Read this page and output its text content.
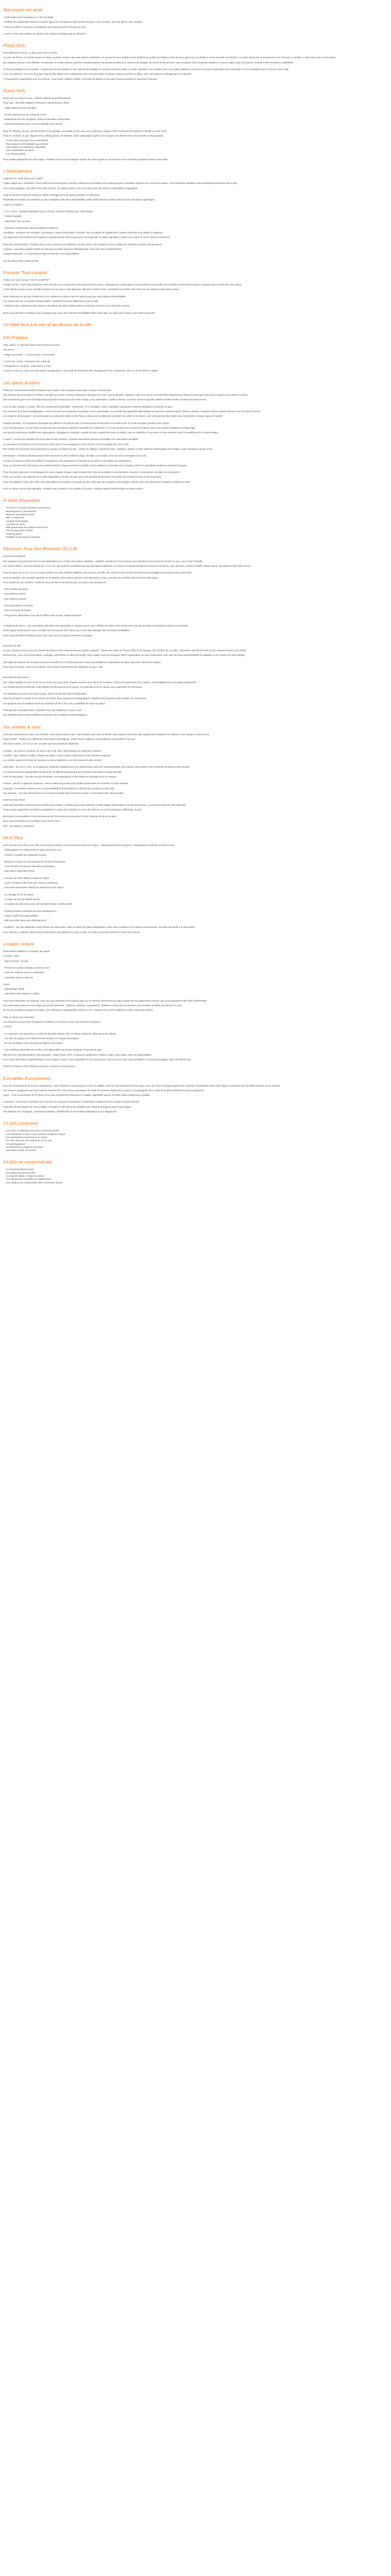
Nos expert ont aimé

• Cette salle et les mécaniques en son de plaisir

• Profitez de nombreuses saveurs et partez dans des scénarios et découvertes de jeux, à tout moment, en toute liberté, avec les jeux

• Pour les cafés en terrasse et la fraîcheur des espaces verts et du parc la nuit

• Avoir le choix d'un espace au soleil et d'un espace ombragé pour se détendre

Points forts

Notre différence: l'écrin, un lieu ouvert sur le monde

Ce parc est l'écrin, un endroit unique et calme, en pleine nature, avec des arbres centenaires, ce qui permet aux enfants et aux familles de profiter de l'espace entre les jeux, parcours et activités en toute sécurité et à l'ombre. Un cadre idéal pour se ressourcer et se retrouver en famille ou entre amis tout en s'amusant.

Des espaces de jeux et de détente : le petit parc accueille enfants, parents et grands-parents qui peuvent profiter d'un moment de partage, de rire et de découverte, avec un grand choix d'activités adaptées à tous les âges, pour une journée réussie et des souvenirs inoubliables.

Un lieu de partage et de rencontre : le parc permet aux familles et aux visiteurs de partager un moment convivial, dans un cadre agréable et accueillant, avec une équipe attentive, à l'écoute et toujours disponible pour vous aider et vous conseiller tout au long de votre visite.

Pour nos visiteurs, une zone de pique-nique et des tables sont à disposition pour vous permettre de passer toute la journée sur place, avec des espaces ombragés pour se reposer.

* Programmes d'animations pour les enfants : Jeux d'eau, Ateliers créatifs, Concours de dessin et bien plus encore pendant les vacances scolaires.

Points forts

Notre parc est ouvert à tous : enfants, parents et grands-parents

Pour tous : des tarifs adaptés, réductions, abonnements, offres

- Tarifs réduits pour les groupes

- Entrée gratuite pour les moins de 3 ans

- Réductions pour les étudiants, seniors et familles nombreuses

- Abonnement annuel pour un accès illimité toute l'année

Zone de détente, de jeux, de découverte et de partage, accessible à tous, pour une expérience unique et des moments de bonheur en famille ou entre amis.

Pour les visiteurs, le parc dispose d'un parking gratuit, de toilettes, d'une restauration rapide et d'un espace de détente avec des transats et des parasols.

• Accès direct aux jeux et aux animations
• Des espaces verts adaptés aux enfants
• Une équipe accueillante et disponible
• Une restauration sur place
• Un parking gratuit

Pour profiter pleinement de votre séjour, n'hésitez pas à vous renseigner auprès de notre équipe sur les horaires et les activités proposées durant votre visite.

L'hébergement

Logement en mobil-home tout confort

Chalet équipé de 2 chambres, d'une cuisine et d'une terrasse couverte: idéal pour les familles et les petits groupes souhaitant séjourner au cœur de la nature, à proximité des activités et des animations proposées par le parc.

Une cuisine équipée, une salle d'eau avec douche, un espace repas et un coin salon pour des séjours confortables et agréables.

Linge de lit fourni, linge de toilette en option, ménage de fin de séjour possible sur demande.

Possibilité de location à la semaine ou pour quelques nuits selon disponibilités, tarifs préférentiels en basse saison et pour les séjours prolongés.

Chalet 2 chambres :

- 2 ch. 4 pers : chambre parentale avec lit double, chambre enfants avec 2 lits simples

- Cuisine équipée

- Salle d'eau avec douche

- Terrasse couverte avec salon de jardin et barbecue

Conditions : animaux non acceptés, non-fumeur, caution demandée à l'arrivée, taxe de séjour en supplément, horaires d'arrivée et de départ à respecter.

Les logements sont entièrement équipés et entretenus par notre équipe pour vous garantir un séjour agréable et sans souci, dans un cadre naturel et préservé.

Pour plus d'informations, n'hésitez pas à nous contacter par téléphone ou par e-mail, notre équipe se fera un plaisir de répondre à toutes vos questions.

Animaux : nos amis à quatre pattes ne sont pas acceptés dans les hébergements, merci de votre compréhension.

Capacité d'accueil : 1 à 4 personnes selon la formule et les disponibilités.

Les lits seront faits à votre arrivée.

Formule "Tout compris"

Profitez de notre formule "TOUT COMPRIS"

Chaque année, nous vous proposons notre formule tout compris pour des vacances sans souci : hébergement, restauration et accès illimité à l'ensemble des activités et animations du parc pendant toute la durée de votre séjour.

Accès illimité au parc et aux activités pendant tout le séjour, petit-déjeuner, déjeuner et dîner inclus, animations en soirée, mini-club pour les enfants et bien plus encore.

Nous réservons un accueil chaleureux à nos visiteurs et mettons tout en œuvre pour que votre séjour soit inoubliable.

• En savoir plus sur nos tarifs et disponibilités, contactez-nous par téléphone ou par e-mail.

• Réservez dès maintenant votre séjour et bénéficiez de tarifs préférentiels en réservant à l'avance sur notre site internet.

Nous vous attendons nombreux pour partager avec vous des moments inoubliables dans notre parc, au cœur de la nature, pour petits et grands !

Un hôtel face à la mer et au-dessus de la ville
Info Pratique

Votre séjour, ce qu'il faut savoir avant d'arriver au parc

Vos accès :

• Plage à proximité : 1.2 km environ, 5 min à pied

• Accès aux routes : Autoroute A75, sortie 26

• Transports en commun : Gare SNCF à 3 km

Le parc se situe au cœur d'un site naturel exceptionnel, à proximité de nombreux sites touristiques et de commerces, avec un accès facile et rapide.

Les sports & loisirs

Parmi les nombreuses activités proposées par le parc, voici quelques idées pour occuper vos journées :

Aire de jeux, parcours dans les arbres, mini-golf, jeux d'eau, terrain multisports, pétanque, tir à l'arc, tennis de table, balades à vélo ou à poney et randonnées pédestres au départ du parc pour découvrir la région et ses trésors cachés.

Des animations pour toute la famille sont proposées chaque jour par notre équipe : jeux, spectacles, soirées à thème, concerts, tournois sportifs, ateliers créatifs et bien d'autres surprises encore.

Pour les plus sportifs, la région offre de nombreuses possibilités : randonnée, VTT, escalade, canoë, équitation, parapente et sports nautiques à proximité du parc.

Les animaux de la ferme pédagogique : venez découvrir nos animaux et participer à leur nourrissage, une activité très appréciée des enfants qui pourront caresser lapins, chèvres, poneys, moutons et bien d'autres animaux tout au long de l'année.

Les espaces verts du parc : une promenade au milieu des arbres et des fleurs, idéale pour se détendre et profiter du calme de la nature, avec des bancs et des tables pour se reposer ou pique-niquer en famille.

Chaque semaine, un programme d'activités est affiché à l'accueil du parc et vous permet de découvrir les rendez-vous à ne pas manquer pendant votre séjour.

Pour les plus jeunes, un mini-club encadré par des animateurs diplômés accueille les enfants de 4 à 12 ans pendant les vacances scolaires, avec des activités adaptées à chaque âge.

Une piscine extérieure chauffée avec pataugeoire, toboggans et transats, ouverte de mai à septembre selon la météo, pour se rafraîchir et s'amuser en toute sécurité sous la surveillance d'un maître-nageur.

À savoir : l'accès aux activités est inclus dans le prix d'entrée, certaines animations peuvent nécessiter une réservation préalable.

Un animateur est présent à l'accueil tous les jours pour vous renseigner et vous orienter vers les activités de votre choix.

Des sorties et excursions sont proposées en groupe au départ du parc : visites de villages, marchés locaux, châteaux, grottes et sites naturels remarquables de la région, avec transport et guide inclus.

Remarques : certaines activités peuvent être soumises à des conditions d'âge, de taille ou de poids, merci de vous renseigner à l'accueil.

Le parc se réserve le droit de modifier le programme des animations en fonction de la météo et du nombre de participants.

Pour un moment festif, découvrez nos soirées à thème chaque semaine et profitez d'une ambiance conviviale avec musique, danse et spécialités locales au restaurant du parc.

Pour les petits-déjeuners, la boulangerie du parc propose chaque matin du pain frais, des viennoiseries et des boissons chaudes, à consommer sur place ou à emporter.

Pour vos courses, une épicerie est à votre disposition à l'entrée du parc avec des produits de première nécessité, des produits locaux et des souvenirs.

Pour vos balades à vélo, des vélos sont disponibles à la location à l'accueil du parc, ainsi que des casques et des sièges enfants, avec des itinéraires conseillés au départ du parc.

Pour un séjour encore plus agréable, n'hésitez pas à réserver vos activités à l'avance, certaines places étant limitées en haute saison.

À Votre Disposition
• Accueil et réception ouverts tous les jours
• Boulangerie et viennoiseries
• Épicerie et produits locaux
• Bar et restaurant
• Laverie automatique
• Location de vélos
• Wifi gratuit dans les espaces communs
• Aire de jeux pour enfants
• Parking gratuit
• Toilettes et douches accessibles
Découvrir Tous Nos Moments OCLUB

Moments d'exception

Nos équipes et le personnel sont à votre disposition pour rendre votre séjour agréable : activités, animations et excursions vous attendent tout au long de l'année au parc, pour toute la famille.

Les clubs enfants : pour les enfants de 4 à 12 ans, des activités encadrées par des animateurs diplômés, du lundi au vendredi pendant les vacances scolaires, avec des jeux, ateliers créatifs, sorties nature, spectacles et bien plus encore.

Pour les ados de 13 à 17 ans, un espace dédié avec des activités adaptées, des tournois sportifs, des soirées et des sorties encadrées pour partager des moments forts entre amis.

Pour les adultes : des activités sportives et de détente, des soirées animées, des spectacles et des concerts pour profiter pleinement de votre séjour.

Pour profiter de nos activités, il suffit de vous inscrire à l'accueil du parc ou auprès des animateurs.

- Des activités sportives

- Des ateliers créatifs

- Des soirées à thème

- Des spectacles et concerts

- Des excursions et sorties

* Programme disponible à l'accueil et affiché dans le parc chaque semaine.

Animations de saison : des animations spéciales sont organisées à chaque saison, pour célébrer les fêtes et les événements de l'année dans une ambiance festive et conviviale.

Notre équipe d'animateurs vous accueille tout au long de votre séjour pour vous faire partager des moments inoubliables.

Nous vous attendons nombreux pour vivre avec nous de beaux moments de partage !

Moments de fête

Le parc organise tout au long de l'année des fêtes et des événements pour petits et grands : chasse aux œufs de Pâques, fête de la musique, feu d'artifice du 14 juillet, Halloween, marché de Noël et bien d'autres rendez-vous festifs.

Événements : pour vos anniversaires, mariages, séminaires ou fêtes de famille, notre équipe vous accompagne dans l'organisation de votre événement, avec des formules personnalisées et adaptées à vos envies et à votre budget.

Nos salles et espaces de réception peuvent accueillir de 10 à 200 personnes, avec la possibilité de restauration sur place par notre chef et son équipe.

Pour toute demande, merci de contacter notre service événements par téléphone ou par e-mail.

Moments de découverte

Des visites guidées du parc et de ses environs sont proposées chaque semaine pour découvrir la faune, la flore et le patrimoine de la région, accompagnées par nos guides passionnés.

Les enfants pourront participer à des ateliers de découverte de la nature, du jardinage et de la cuisine, pour apprendre en s'amusant.

Les inscriptions se font à l'accueil du parc, dans la limite des places disponibles.

Pour les groupes scolaires et les centres de loisirs, des programmes pédagogiques adaptés sont proposés toute l'année, sur réservation.

Les groupes sont accueillis du lundi au vendredi, de 9h à 17h, avec possibilité de repas sur place.

Pour plus de renseignements, contactez-nous par téléphone ou par e-mail.

Les activités peuvent être modifiées en fonction des conditions météorologiques.

Vos enfants & vous

Pour que vos vacances soient une réussite, nous avons pensé à tout : des activités pour toute la famille, des espaces sécurisés, des équipements adaptés aux enfants et une équipe à votre écoute.

Espace bébé : location de matériel de puériculture (lit parapluie, chaise haute, baignoire, poussette) sur réservation à l'accueil.

Mini-club enfants : de 4 à 12 ans, encadré par des animateurs diplômés.

Horaires : du lundi au vendredi, de 10h à 12h et de 15h à 18h pendant les vacances scolaires.

Activités : jeux, ateliers créatifs, chasses au trésor, sorties nature, spectacles et bien d'autres surprises.

Les enfants pourront se faire de nouveaux amis et repartiront avec des souvenirs plein la tête !

Club ados : de 13 à 17 ans, un programme d'activités adaptées pour les adolescents, avec des tournois sportifs, des soirées, des sorties et des moments de détente entre jeunes.

Les parents peuvent ainsi profiter de moments de détente pendant que leurs enfants s'amusent en toute sécurité.

Pour les plus petits : une aire de jeux sécurisée, une pataugeoire et des espaces ombragés pour se reposer.

Conseil : pensez à apporter chapeaux, crème solaire et gourdes pour profiter pleinement des activités en toute sérénité.

Important : les enfants restent sous la responsabilité de leurs parents en dehors des horaires du mini-club.

Vos animaux : nos amis les animaux ne sont pas acceptés dans l'enceinte du parc, à l'exception des chiens guides.

CONTACTEZ-NOUS

Pour toute question concernant les activités pour enfants, n'hésitez pas à vous adresser à notre équipe d'animation ou à l'accueil du parc, nous serons ravis de vous répondre.

Vous pouvez également consulter le programme complet des activités sur notre site internet ou sur les panneaux d'affichage du parc.

Retrouvez nos actualités et nos événements sur les réseaux sociaux pour ne rien manquer de la vie du parc.

Nous vous souhaitons un excellent séjour parmi nous !

Tarif : voir tableau ci-dessous

All In Plus

Notre formule All In Plus vous offre encore plus de liberté et de confort pendant votre séjour : hébergement haut de gamme, restauration et activités premium inclus.

- Hébergement en chalet premium avec terrasse et vue

- Pension complète au restaurant du parc

- Boissons incluses au bar pendant les horaires d'ouverture

- Accès illimité à toutes les activités et animations

- Mini-club et club ados inclus

- Location de vélos offerte pendant le séjour

- Accès à l'espace bien-être avec sauna et hammam

- Une sortie découverte offerte par personne et par séjour

- Le ménage de fin de séjour

- Le linge de lit et de toilette fournis

- Un panier de bienvenue avec des produits locaux à votre arrivée

- Parking privatif à proximité de votre hébergement

- Départ tardif selon disponibilités

- Wifi haut débit dans votre hébergement

Conditions : formule disponible toute l'année sur réservation, dans la limite des places disponibles, tarifs selon la saison et le nombre de personnes, acompte demandé à la réservation.

Pour réserver, contactez notre service réservations par téléphone ou par e-mail, ou rendez-vous directement sur notre site internet.

Location voiture

Informations relatives à la location de voiture

Location - Infos :

- Âge minimum : 21 ans

- Permis de conduire depuis au moins 2 ans

- Carte de crédit au nom du conducteur

- Franchise selon le véhicule

Notes :

- Kilométrage illimité

- Assurance tous risques en option

Pour toute réservation de véhicule, merci de vous adresser à l'accueil du parc ou de réserver directement en ligne auprès de nos partenaires loueurs, qui vous proposeront des tarifs préférentiels.

Nos partenaires proposent une large gamme de véhicules : citadines, berlines, monospaces, utilitaires et véhicules électriques, avec livraison possible directement au parc.

En cas de problème pendant la location, une assistance est disponible 24h/24 et 7j/7, contactez le numéro indiqué sur votre contrat de location.

Prise et remise des véhicules :

Les véhicules peuvent être récupérés et restitués à l'accueil du parc aux horaires d'ouverture.

À savoir :

- Le carburant n'est pas inclus, le véhicule doit être restitué avec le même niveau de carburant qu'au départ.

- Les frais de péage et de stationnement restent à la charge du locataire.

- En cas de retard, merci de prévenir l'agence de location.

- Les conditions générales de location sont disponibles sur simple demande à l'accueil du parc.

Des services complémentaires sont proposés : siège enfant, GPS, conducteur additionnel, chaînes neige, porte-vélos, selon les disponibilités.

Pour toute information complémentaire, notre équipe se tient à votre disposition à l'accueil du parc, tous les jours, pour vous renseigner et vous accompagner dans vos démarches.

Pensez à réserver votre véhicule à l'avance, surtout en haute saison.

Formalités Européennes

Pour les ressortissants de l'Union européenne : carte d'identité ou passeport en cours de validité. Pour les ressortissants d'autres pays, merci de vous renseigner auprès des autorités compétentes avant votre départ concernant les formalités d'entrée sur le territoire.

Les mineurs voyageant sans leurs parents doivent être munis d'une autorisation de sortie du territoire signée par un parent, accompagnée de la copie de la pièce d'identité du parent signataire.

Santé : il est recommandé de se munir de la carte européenne d'assurance maladie, disponible auprès de votre caisse d'assurance maladie.

Assurance : nous vous conseillons de souscrire une assurance annulation et assistance rapatriement pour partir en toute sérénité.

Pour plus d'informations sur les formalités, consultez le site officiel du ministère des Affaires étrangères avant votre départ.

Vos animaux de compagnie : passeport européen, identification et vaccination antirabique à jour obligatoires.

Ce prix comprend
• Les nuits en hébergement selon la formule choisie
• L'accès illimité au parc et aux activités pendant le séjour
• Les animations en journée et en soirée
• Le mini-club pour les enfants de 4 à 12 ans
• Le parking gratuit
• Le wifi dans les espaces communs
• Les taxes et frais de service
Ce prix ne comprend pas
• Le transport jusqu'au parc
• Les dépenses personnelles
• La taxe de séjour, à régler sur place
• Les assurances annulation et rapatriement
• Les options non mentionnées dans la formule choisie
